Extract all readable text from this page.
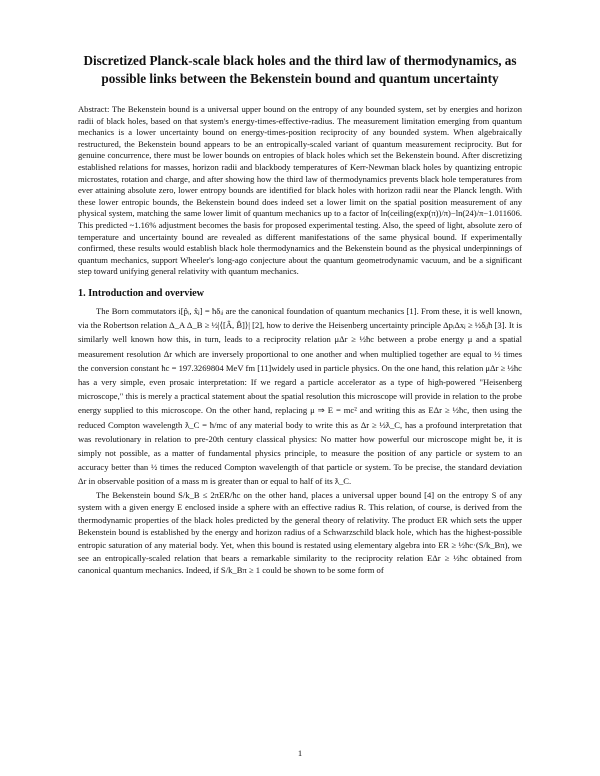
Discretized Planck-scale black holes and the third law of thermodynamics, as possible links between the Bekenstein bound and quantum uncertainty

Abstract: The Bekenstein bound is a universal upper bound on the entropy of any bounded system, set by energies and horizon radii of black holes, based on that system's energy-times-effective-radius. The measurement limitation emerging from quantum mechanics is a lower uncertainty bound on energy-times-position reciprocity of any bounded system. When algebraically restructured, the Bekenstein bound appears to be an entropically-scaled variant of quantum measurement reciprocity. But for genuine concurrence, there must be lower bounds on entropies of black holes which set the Bekenstein bound. After discretizing established relations for masses, horizon radii and blackbody temperatures of Kerr-Newman black holes by quantizing entropic microstates, rotation and charge, and after showing how the third law of thermodynamics prevents black hole temperatures from ever attaining absolute zero, lower entropy bounds are identified for black holes with horizon radii near the Planck length. With these lower entropic bounds, the Bekenstein bound does indeed set a lower limit on the spatial position measurement of any physical system, matching the same lower limit of quantum mechanics up to a factor of ln(ceiling(exp(π))/π)−ln(24)/π−1.011606. This predicted ~1.16% adjustment becomes the basis for proposed experimental testing. Also, the speed of light, absolute zero of temperature and uncertainty bound are revealed as different manifestations of the same physical bound. If experimentally confirmed, these results would establish black hole thermodynamics and the Bekenstein bound as the physical underpinnings of quantum mechanics, support Wheeler's long-ago conjecture about the quantum geometrodynamic vacuum, and be a significant step toward unifying general relativity with quantum mechanics.

1. Introduction and overview

The Born commutators i[p̂ᵢ, x̂ⱼ] = ħδᵢⱼ are the canonical foundation of quantum mechanics [1]. From these, it is well known, via the Robertson relation Δ_A Δ_B ≥ ½|⟨[Â, B̂]⟩| [2], how to derive the Heisenberg uncertainty principle ΔpᵢΔxⱼ ≥ ½δᵢⱼħ [3]. It is similarly well known how this, in turn, leads to a reciprocity relation μΔr ≥ ½ħc between a probe energy μ and a spatial measurement resolution Δr which are inversely proportional to one another and when multiplied together are equal to ½ times the conversion constant ħc = 197.3269804 MeV fm [11]widely used in particle physics. On the one hand, this relation μΔr ≥ ½ħc has a very simple, even prosaic interpretation: If we regard a particle accelerator as a type of high-powered "Heisenberg microscope," this is merely a practical statement about the spatial resolution this microscope will provide in relation to the probe energy supplied to this microscope. On the other hand, replacing μ ⇒ E = mc² and writing this as EΔr ≥ ½ħc, then using the reduced Compton wavelength ƛ_C = ħ/mc of any material body to write this as Δr ≥ ½ƛ_C, has a profound interpretation that was revolutionary in relation to pre-20th century classical physics: No matter how powerful our microscope might be, it is simply not possible, as a matter of fundamental physics principle, to measure the position of any particle or system to an accuracy better than ½ times the reduced Compton wavelength of that particle or system. To be precise, the standard deviation Δr in observable position of a mass m is greater than or equal to half of its ƛ_C.

The Bekenstein bound S/k_B ≤ 2πER/ħc on the other hand, places a universal upper bound [4] on the entropy S of any system with a given energy E enclosed inside a sphere with an effective radius R. This relation, of course, is derived from the thermodynamic properties of the black holes predicted by the general theory of relativity. The product ER which sets the upper Bekenstein bound is established by the energy and horizon radius of a Schwarzschild black hole, which has the highest-possible entropic saturation of any material body. Yet, when this bound is restated using elementary algebra into ER ≥ ½ħc·(S/k_Bπ), we see an entropically-scaled relation that bears a remarkable similarity to the reciprocity relation EΔr ≥ ½ħc obtained from canonical quantum mechanics. Indeed, if S/k_Bπ ≥ 1 could be shown to be some form of

1
